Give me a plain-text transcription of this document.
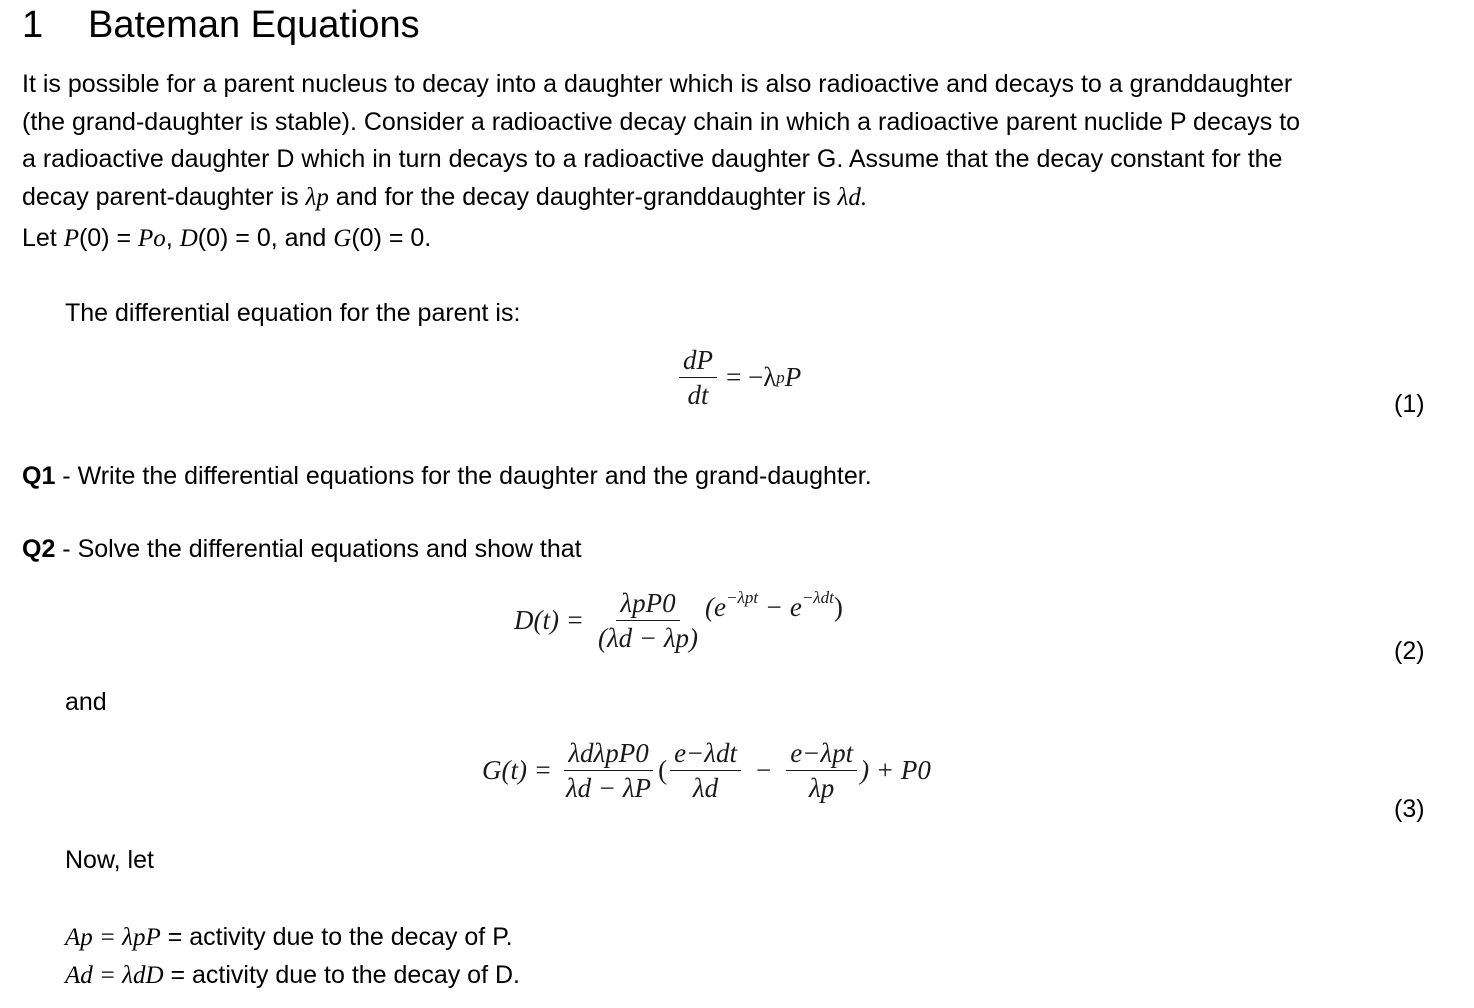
1 Bateman Equations
It is possible for a parent nucleus to decay into a daughter which is also radioactive and decays to a granddaughter
(the grand-daughter is stable). Consider a radioactive decay chain in which a radioactive parent nuclide P decays to
a radioactive daughter D which in turn decays to a radioactive daughter G. Assume that the decay constant for the
decay parent-daughter is λp and for the decay daughter-granddaughter is λd.
Let P(0) = Po, D(0) = 0, and G(0) = 0.
The differential equation for the parent is:
$\frac{dP}{dt} = -\lambda$ p P
(1)
Q1 - Write the differential equations for the daughter and the grand-daughter.
Q2 - Solve the differential equations and show that
$D(t) = \frac{\text{λpP0}}{(\lambda d - \lambda p)} (e^{-\lambda pt} - e^{-\lambda dt})$
(2)
and
$G(t) = \frac{\text{λdλpP0}}{\lambda d - \lambda P}$ ( $\frac{\text{e−λdt}}{\lambda d} - \frac{\text{e−λpt}}{\lambda p}$ ) + P0
(3)
Now, let
Ap = λpP = activity due to the decay of P.
Ad = λdD = activity due to the decay of D.
